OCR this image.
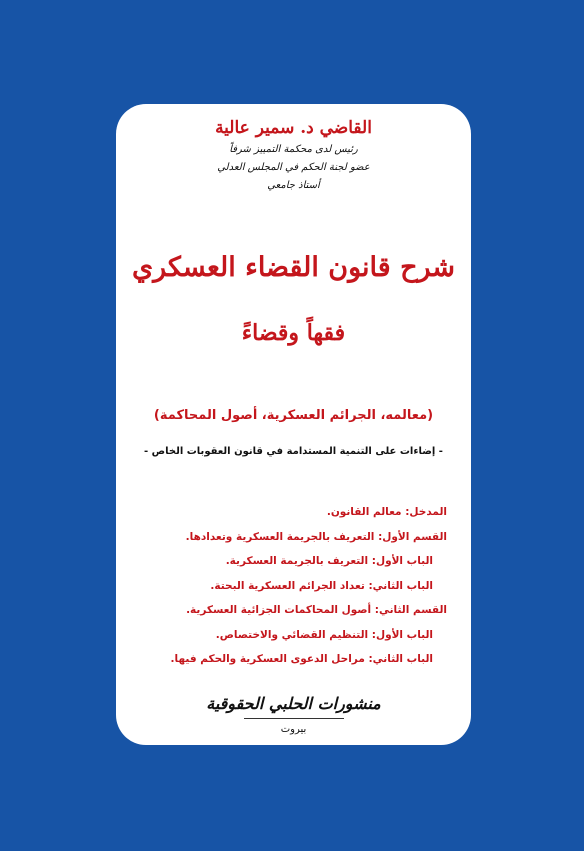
القاضي د. سمير عالية
رئيس لدى محكمة التمييز شرفاً
عضو لجنة الحكم في المجلس العدلي
أستاذ جامعي
شرح قانون القضاء العسكري
فقهاً وقضاءً
(معالمه، الجرائم العسكرية، أصول المحاكمة)
- إضاءات على التنمية المستدامة في قانون العقوبات الخاص -
المدخل: معالم القانون.
القسم الأول: التعريف بالجريمة العسكرية وتعدادها.
الباب الأول: التعريف بالجريمة العسكرية.
الباب الثاني: تعداد الجرائم العسكرية البحتة.
القسم الثاني: أصول المحاكمات الجزائية العسكرية.
الباب الأول: التنظيم القضائي والاختصاص.
الباب الثاني: مراحل الدعوى العسكرية والحكم فيها.
منشورات الحلبي الحقوقية
بيروت
